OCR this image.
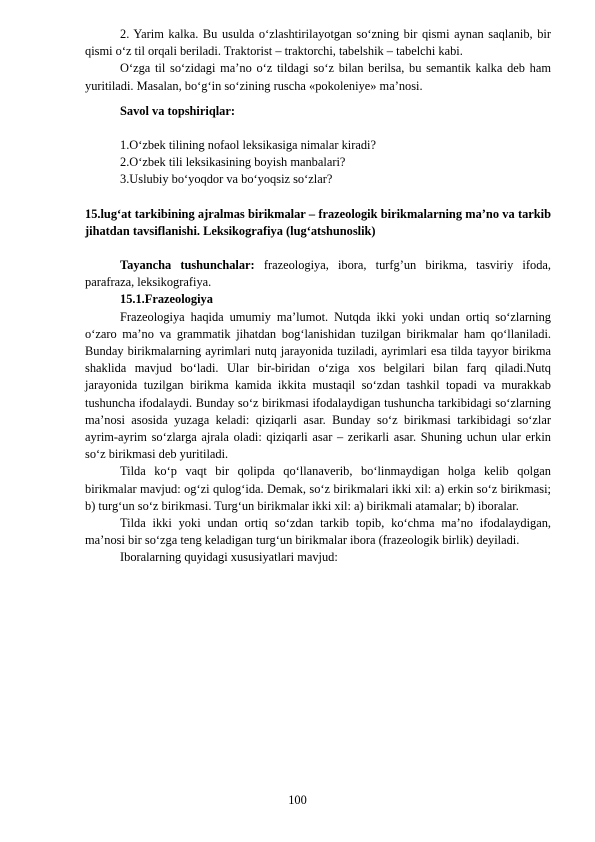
2. Yarim kalka. Bu usulda o‘zlashtirilayotgan so‘zning bir qismi aynan saqlanib, bir qismi o‘z til orqali beriladi. Traktorist – traktorchi, tabelshik – tabelchi kabi.

O‘zga til so‘zidagi ma’no o‘z tildagi so‘z bilan berilsa, bu semantik kalka deb ham yuritiladi. Masalan, bo‘g‘in so‘zining ruscha «pokoleniye» ma’nosi.

Savol va topshiriqlar:

1.O‘zbek tilining nofaol leksikasiga nimalar kiradi?

2.O‘zbek tili leksikasining boyish manbalari?

3.Uslubiy bo‘yoqdor va bo‘yoqsiz so‘zlar?

15.lug‘at tarkibining ajralmas birikmalar – frazeologik birikmalarning ma’no va tarkib jihatdan tavsiflanishi. Leksikografiya (lug‘atshunoslik)

Tayancha tushunchalar: frazeologiya, ibora, turfg’un birikma, tasviriy ifoda, parafraza, leksikografiya.

15.1.Frazeologiya

Frazeologiya haqida umumiy ma’lumot. Nutqda ikki yoki undan ortiq so‘zlarning o‘zaro ma’no va grammatik jihatdan bog‘lanishidan tuzilgan birikmalar ham qo‘llaniladi. Bunday birikmalarning ayrimlari nutq jarayonida tuziladi, ayrimlari esa tilda tayyor birikma shaklida mavjud bo‘ladi. Ular bir-biridan o‘ziga xos belgilari bilan farq qiladi.Nutq jarayonida tuzilgan birikma kamida ikkita mustaqil so‘zdan tashkil topadi va murakkab tushuncha ifodalaydi. Bunday so‘z birikmasi ifodalaydigan tushuncha tarkibidagi so‘zlarning ma’nosi asosida yuzaga keladi: qiziqarli asar. Bunday so‘z birikmasi tarkibidagi so‘zlar ayrim-ayrim so‘zlarga ajrala oladi: qiziqarli asar – zerikarli asar. Shuning uchun ular erkin so‘z birikmasi deb yuritiladi.

Tilda ko‘p vaqt bir qolipda qo‘llanaverib, bo‘linmaydigan holga kelib qolgan birikmalar mavjud: og‘zi qulog‘ida. Demak, so‘z birikmalari ikki xil: a) erkin so‘z birikmasi; b) turg‘un so‘z birikmasi. Turg‘un birikmalar ikki xil: a) birikmali atamalar; b) iboralar.

Tilda ikki yoki undan ortiq so‘zdan tarkib topib, ko‘chma ma’no ifodalaydigan, ma’nosi bir so‘zga teng keladigan turg‘un birikmalar ibora (frazeologik birlik) deyiladi.

Iboralarning quyidagi xususiyatlari mavjud:

100
